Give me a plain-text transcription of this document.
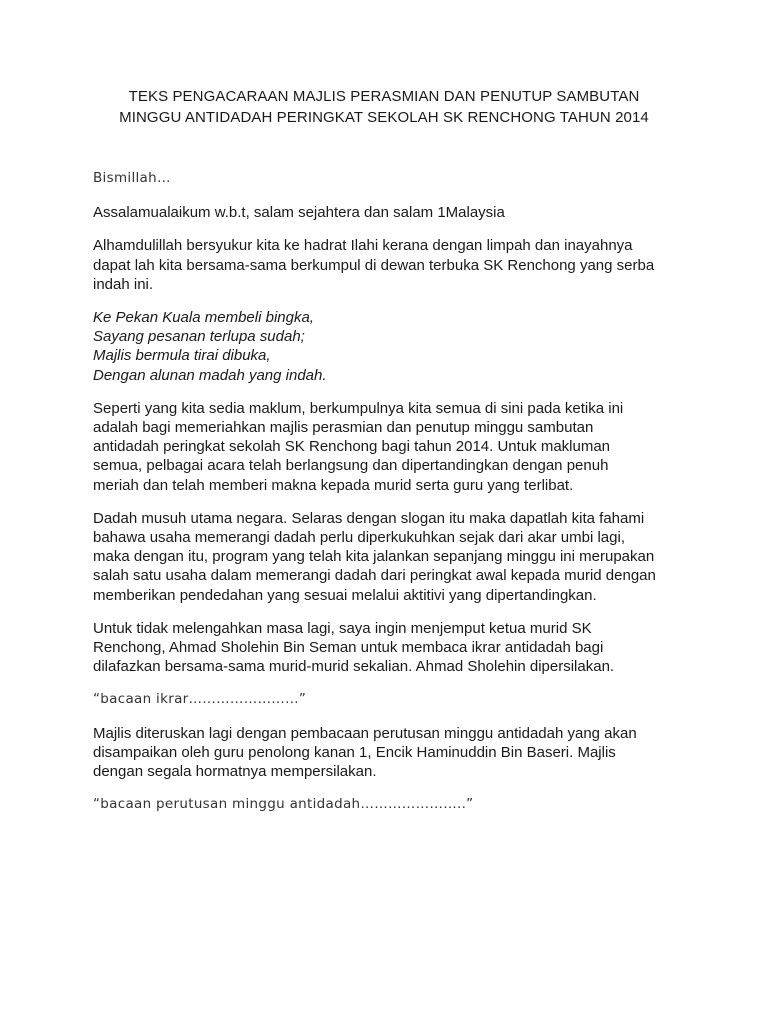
TEKS PENGACARAAN MAJLIS PERASMIAN DAN PENUTUP SAMBUTAN
MINGGU ANTIDADAH PERINGKAT SEKOLAH SK RENCHONG TAHUN 2014

Bismillah…

Assalamualaikum w.b.t, salam sejahtera dan salam 1Malaysia

Alhamdulillah bersyukur kita ke hadrat Ilahi kerana dengan limpah dan inayahnya
dapat lah kita bersama-sama berkumpul di dewan terbuka SK Renchong yang serba
indah ini.

Ke Pekan Kuala membeli bingka,
Sayang pesanan terlupa sudah;
Majlis bermula tirai dibuka,
Dengan alunan madah yang indah.

Seperti yang kita sedia maklum, berkumpulnya kita semua di sini pada ketika ini
adalah bagi memeriahkan majlis perasmian dan penutup minggu sambutan
antidadah peringkat sekolah SK Renchong bagi tahun 2014. Untuk makluman
semua, pelbagai acara telah berlangsung dan dipertandingkan dengan penuh
meriah dan telah memberi makna kepada murid serta guru yang terlibat.

Dadah musuh utama negara. Selaras dengan slogan itu maka dapatlah kita fahami
bahawa usaha memerangi dadah perlu diperkukuhkan sejak dari akar umbi lagi,
maka dengan itu, program yang telah kita jalankan sepanjang minggu ini merupakan
salah satu usaha dalam memerangi dadah dari peringkat awal kepada murid dengan
memberikan pendedahan yang sesuai melalui aktitivi yang dipertandingkan.

Untuk tidak melengahkan masa lagi, saya ingin menjemput ketua murid SK
Renchong, Ahmad Sholehin Bin Seman untuk membaca ikrar antidadah bagi
dilafazkan bersama-sama murid-murid sekalian. Ahmad Sholehin dipersilakan.

“bacaan ikrar……………………”

Majlis diteruskan lagi dengan pembacaan perutusan minggu antidadah yang akan
disampaikan oleh guru penolong kanan 1, Encik Haminuddin Bin Baseri. Majlis
dengan segala hormatnya mempersilakan.

“bacaan perutusan minggu antidadah…………………..”
